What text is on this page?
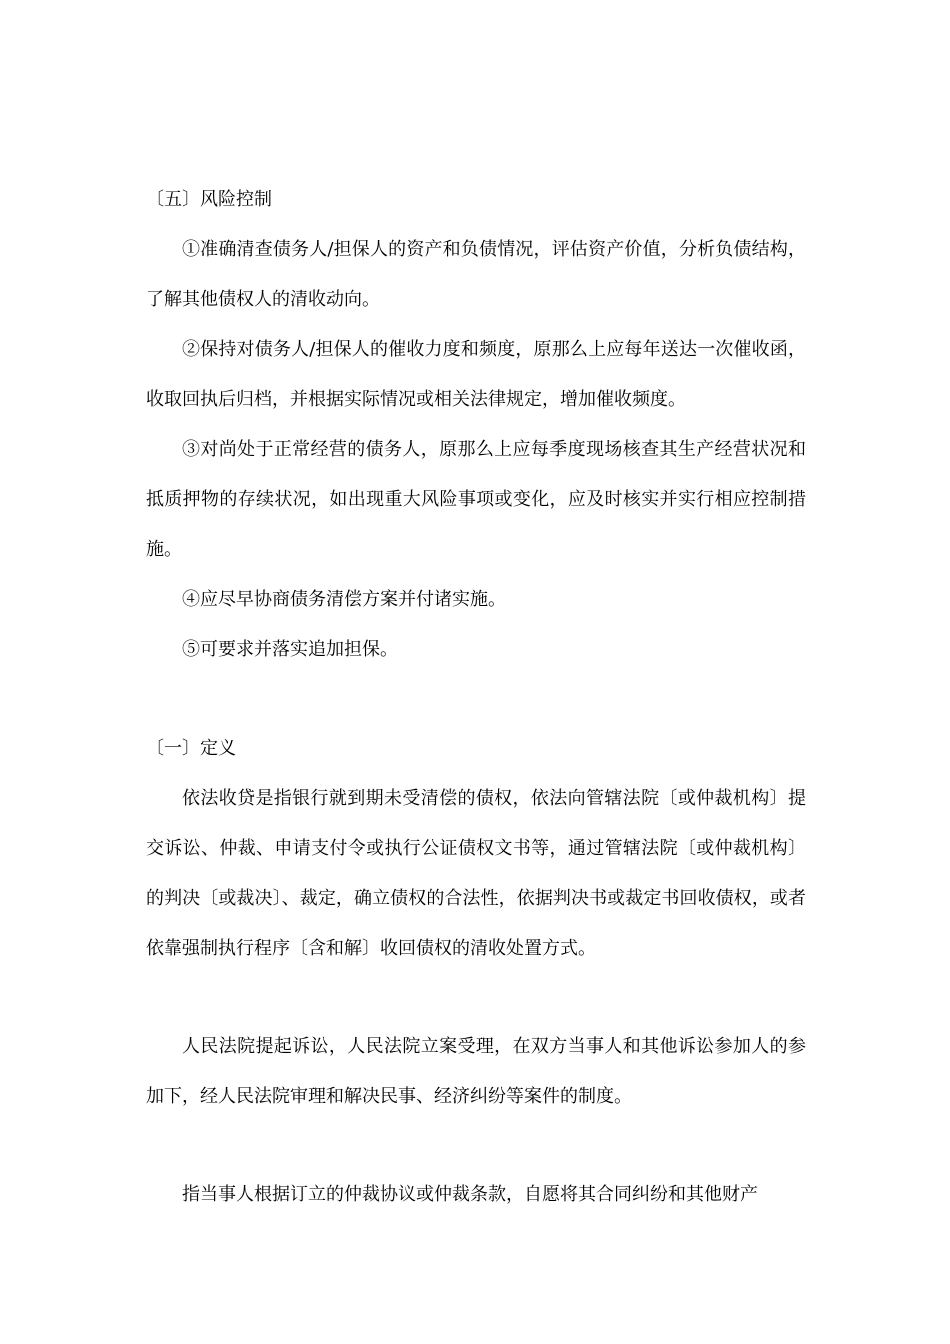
〔五〕风险控制

①准确清查债务人/担保人的资产和负债情况，评估资产价值，分析负债结构，了解其他债权人的清收动向。

②保持对债务人/担保人的催收力度和频度，原那么上应每年送达一次催收函，收取回执后归档，并根据实际情况或相关法律规定，增加催收频度。

③对尚处于正常经营的债务人，原那么上应每季度现场核查其生产经营状况和抵质押物的存续状况，如出现重大风险事项或变化，应及时核实并实行相应控制措施。

④应尽早协商债务清偿方案并付诸实施。

⑤可要求并落实追加担保。

〔一〕定义

依法收贷是指银行就到期未受清偿的债权，依法向管辖法院〔或仲裁机构〕提交诉讼、仲裁、申请支付令或执行公证债权文书等，通过管辖法院〔或仲裁机构〕的判决〔或裁决〕、裁定，确立债权的合法性，依据判决书或裁定书回收债权，或者依靠强制执行程序〔含和解〕收回债权的清收处置方式。

人民法院提起诉讼，人民法院立案受理，在双方当事人和其他诉讼参加人的参加下，经人民法院审理和解决民事、经济纠纷等案件的制度。

指当事人根据订立的仲裁协议或仲裁条款，自愿将其合同纠纷和其他财产
